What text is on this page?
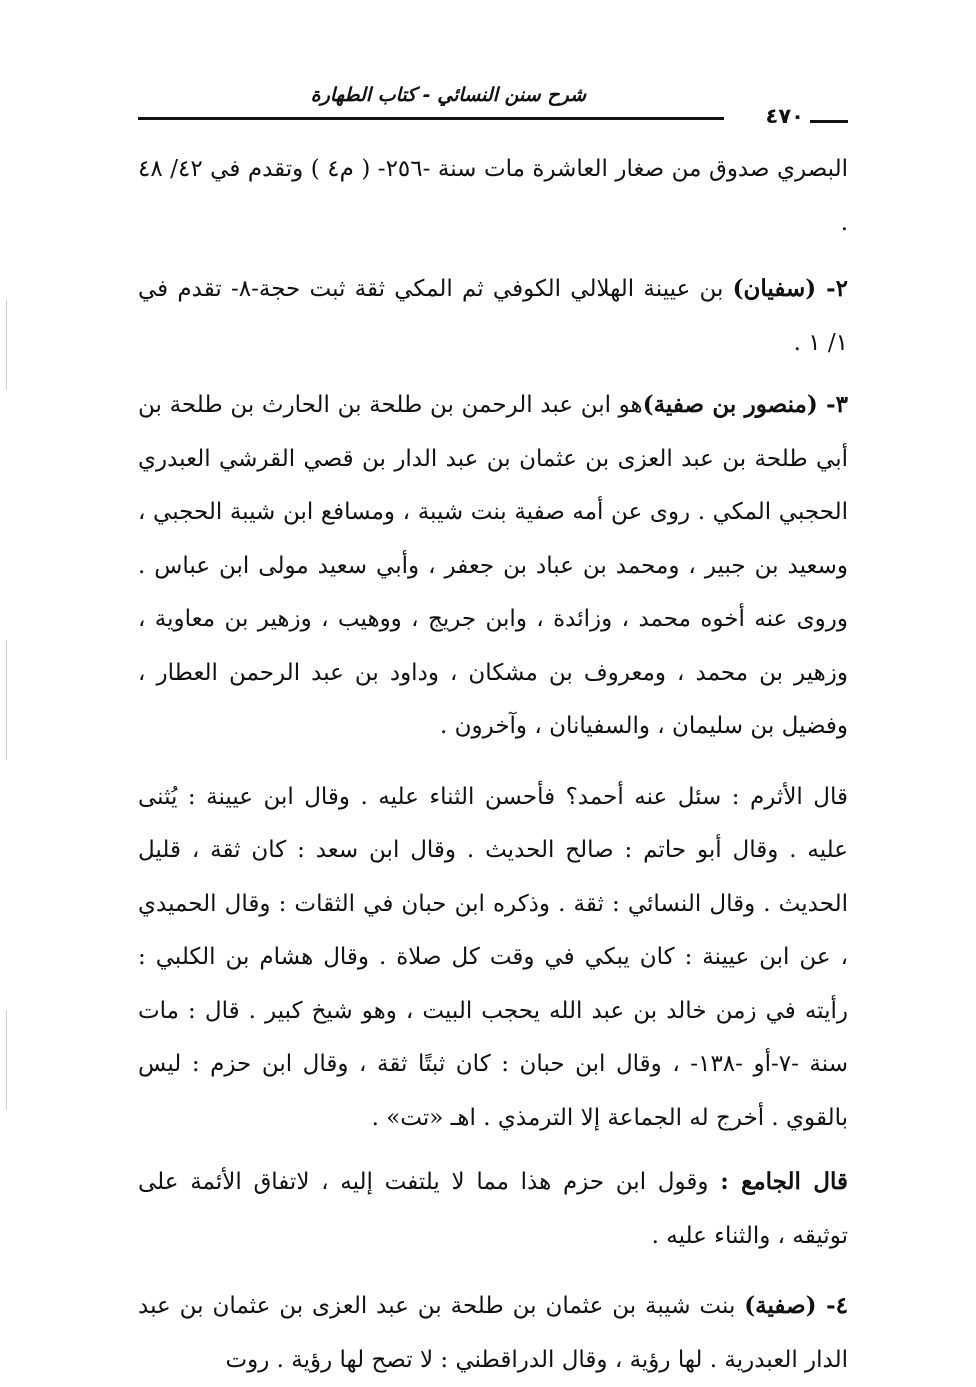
شرح سنن النسائي - كتاب الطهارة
٤٧٠

البصري صدوق من صغار العاشرة مات سنة -٢٥٦- ( م٤ ) وتقدم في ٤٢/ ٤٨ .

٢- (سفيان) بن عيينة الهلالي الكوفي ثم المكي ثقة ثبت حجة-٨- تقدم في ١/ ١ .

٣- (منصور بن صفية)هو ابن عبد الرحمن بن طلحة بن الحارث بن طلحة بن أبي طلحة بن عبد العزى بن عثمان بن عبد الدار بن قصي القرشي العبدري الحجبي المكي . روى عن أمه صفية بنت شيبة ، ومسافع ابن شيبة الحجبي ، وسعيد بن جبير ، ومحمد بن عباد بن جعفر ، وأبي سعيد مولى ابن عباس . وروى عنه أخوه محمد ، وزائدة ، وابن جريج ، ووهيب ، وزهير بن معاوية ، وزهير بن محمد ، ومعروف بن مشكان ، وداود بن عبد الرحمن العطار ، وفضيل بن سليمان ، والسفيانان ، وآخرون .

قال الأثرم : سئل عنه أحمد؟ فأحسن الثناء عليه . وقال ابن عيينة : يُثنى عليه . وقال أبو حاتم : صالح الحديث . وقال ابن سعد : كان ثقة ، قليل الحديث . وقال النسائي : ثقة . وذكره ابن حبان في الثقات : وقال الحميدي ، عن ابن عيينة : كان يبكي في وقت كل صلاة . وقال هشام بن الكلبي : رأيته في زمن خالد بن عبد الله يحجب البيت ، وهو شيخ كبير . قال : مات سنة -٧-أو -١٣٨- ، وقال ابن حبان : كان ثبتًا ثقة ، وقال ابن حزم : ليس بالقوي . أخرج له الجماعة إلا الترمذي . اهـ «تت» .

قال الجامع : وقول ابن حزم هذا مما لا يلتفت إليه ، لاتفاق الأئمة على توثيقه ، والثناء عليه .

٤- (صفية) بنت شيبة بن عثمان بن طلحة بن عبد العزى بن عثمان بن عبد الدار العبدرية . لها رؤية ، وقال الدراقطني : لا تصح لها رؤية . روت
